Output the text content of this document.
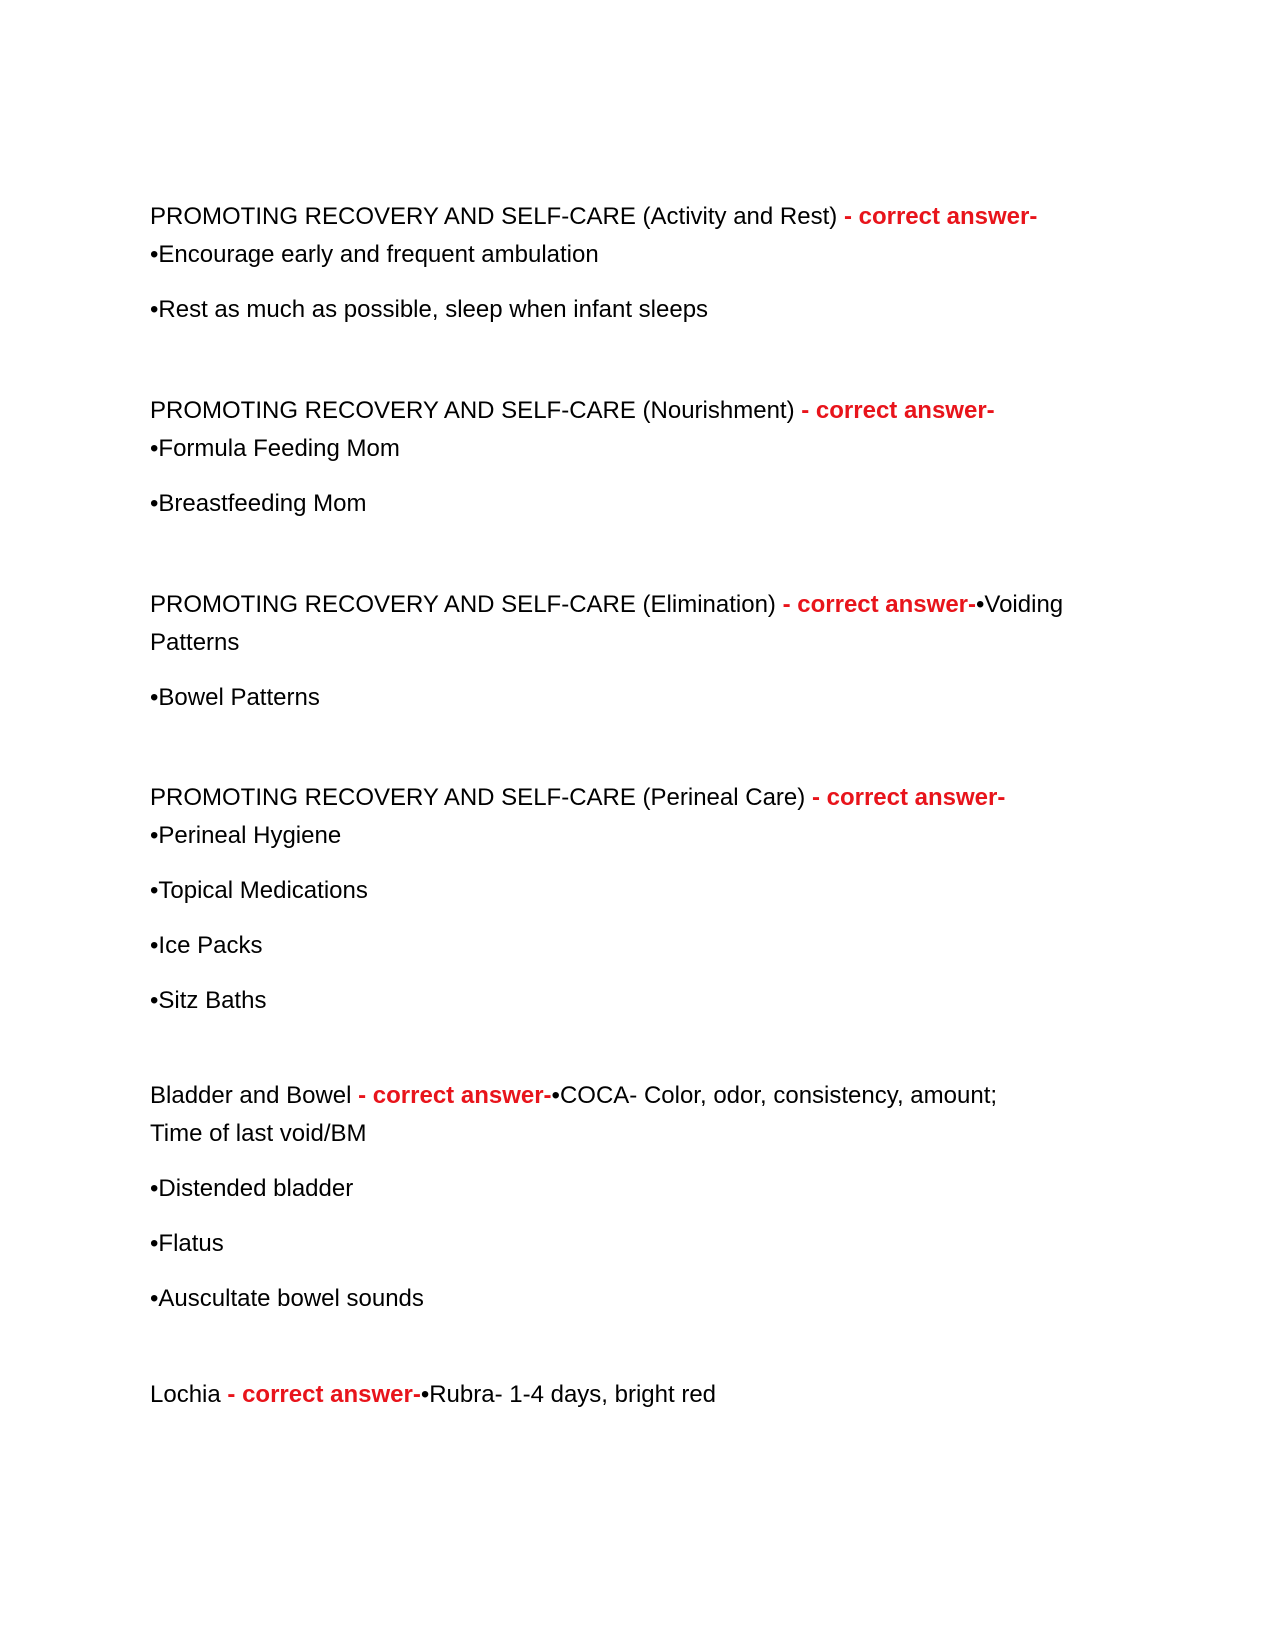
PROMOTING RECOVERY AND SELF-CARE (Activity and Rest) - correct answer-
•Encourage early and frequent ambulation
•Rest as much as possible, sleep when infant sleeps
PROMOTING RECOVERY AND SELF-CARE (Nourishment) - correct answer-
•Formula Feeding Mom
•Breastfeeding Mom
PROMOTING RECOVERY AND SELF-CARE (Elimination) - correct answer-•Voiding
Patterns
•Bowel Patterns
PROMOTING RECOVERY AND SELF-CARE (Perineal Care) - correct answer-
•Perineal Hygiene
•Topical Medications
•Ice Packs
•Sitz Baths
Bladder and Bowel - correct answer-•COCA- Color, odor, consistency, amount;
Time of last void/BM
•Distended bladder
•Flatus
•Auscultate bowel sounds
Lochia - correct answer-•Rubra- 1-4 days, bright red
